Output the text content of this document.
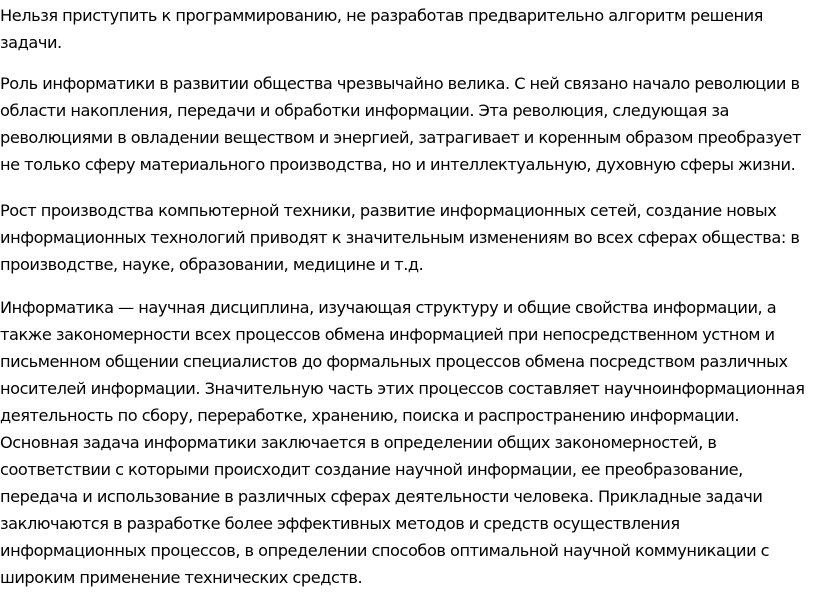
Нельзя приступить к программированию, не разработав предварительно алгоритм решения задачи.

Роль информатики в развитии общества чрезвычайно велика. С ней связано начало революции в области накопления, передачи и обработки информации. Эта революция, следующая за революциями в овладении веществом и энергией, затрагивает и коренным образом преобразует не только сферу материального производства, но и интеллектуальную, духовную сферы жизни.

Рост производства компьютерной техники, развитие информационных сетей, создание новых информационных технологий приводят к значительным изменениям во всех сферах общества: в производстве, науке, образовании, медицине и т.д.

Информатика — научная дисциплина, изучающая структуру и общие свойства информации, а также закономерности всех процессов обмена информацией при непосредственном устном и письменном общении специалистов до формальных процессов обмена посредством различных носителей информации. Значительную часть этих процессов составляет научноинформационная деятельность по сбору, переработке, хранению, поиска и распространению информации. Основная задача информатики заключается в определении общих закономерностей, в соответствии с которыми происходит создание научной информации, ее преобразование, передача и использование в различных сферах деятельности человека. Прикладные задачи заключаются в разработке более эффективных методов и средств осуществления информационных процессов, в определении способов оптимальной научной коммуникации с широким применение технических средств.
